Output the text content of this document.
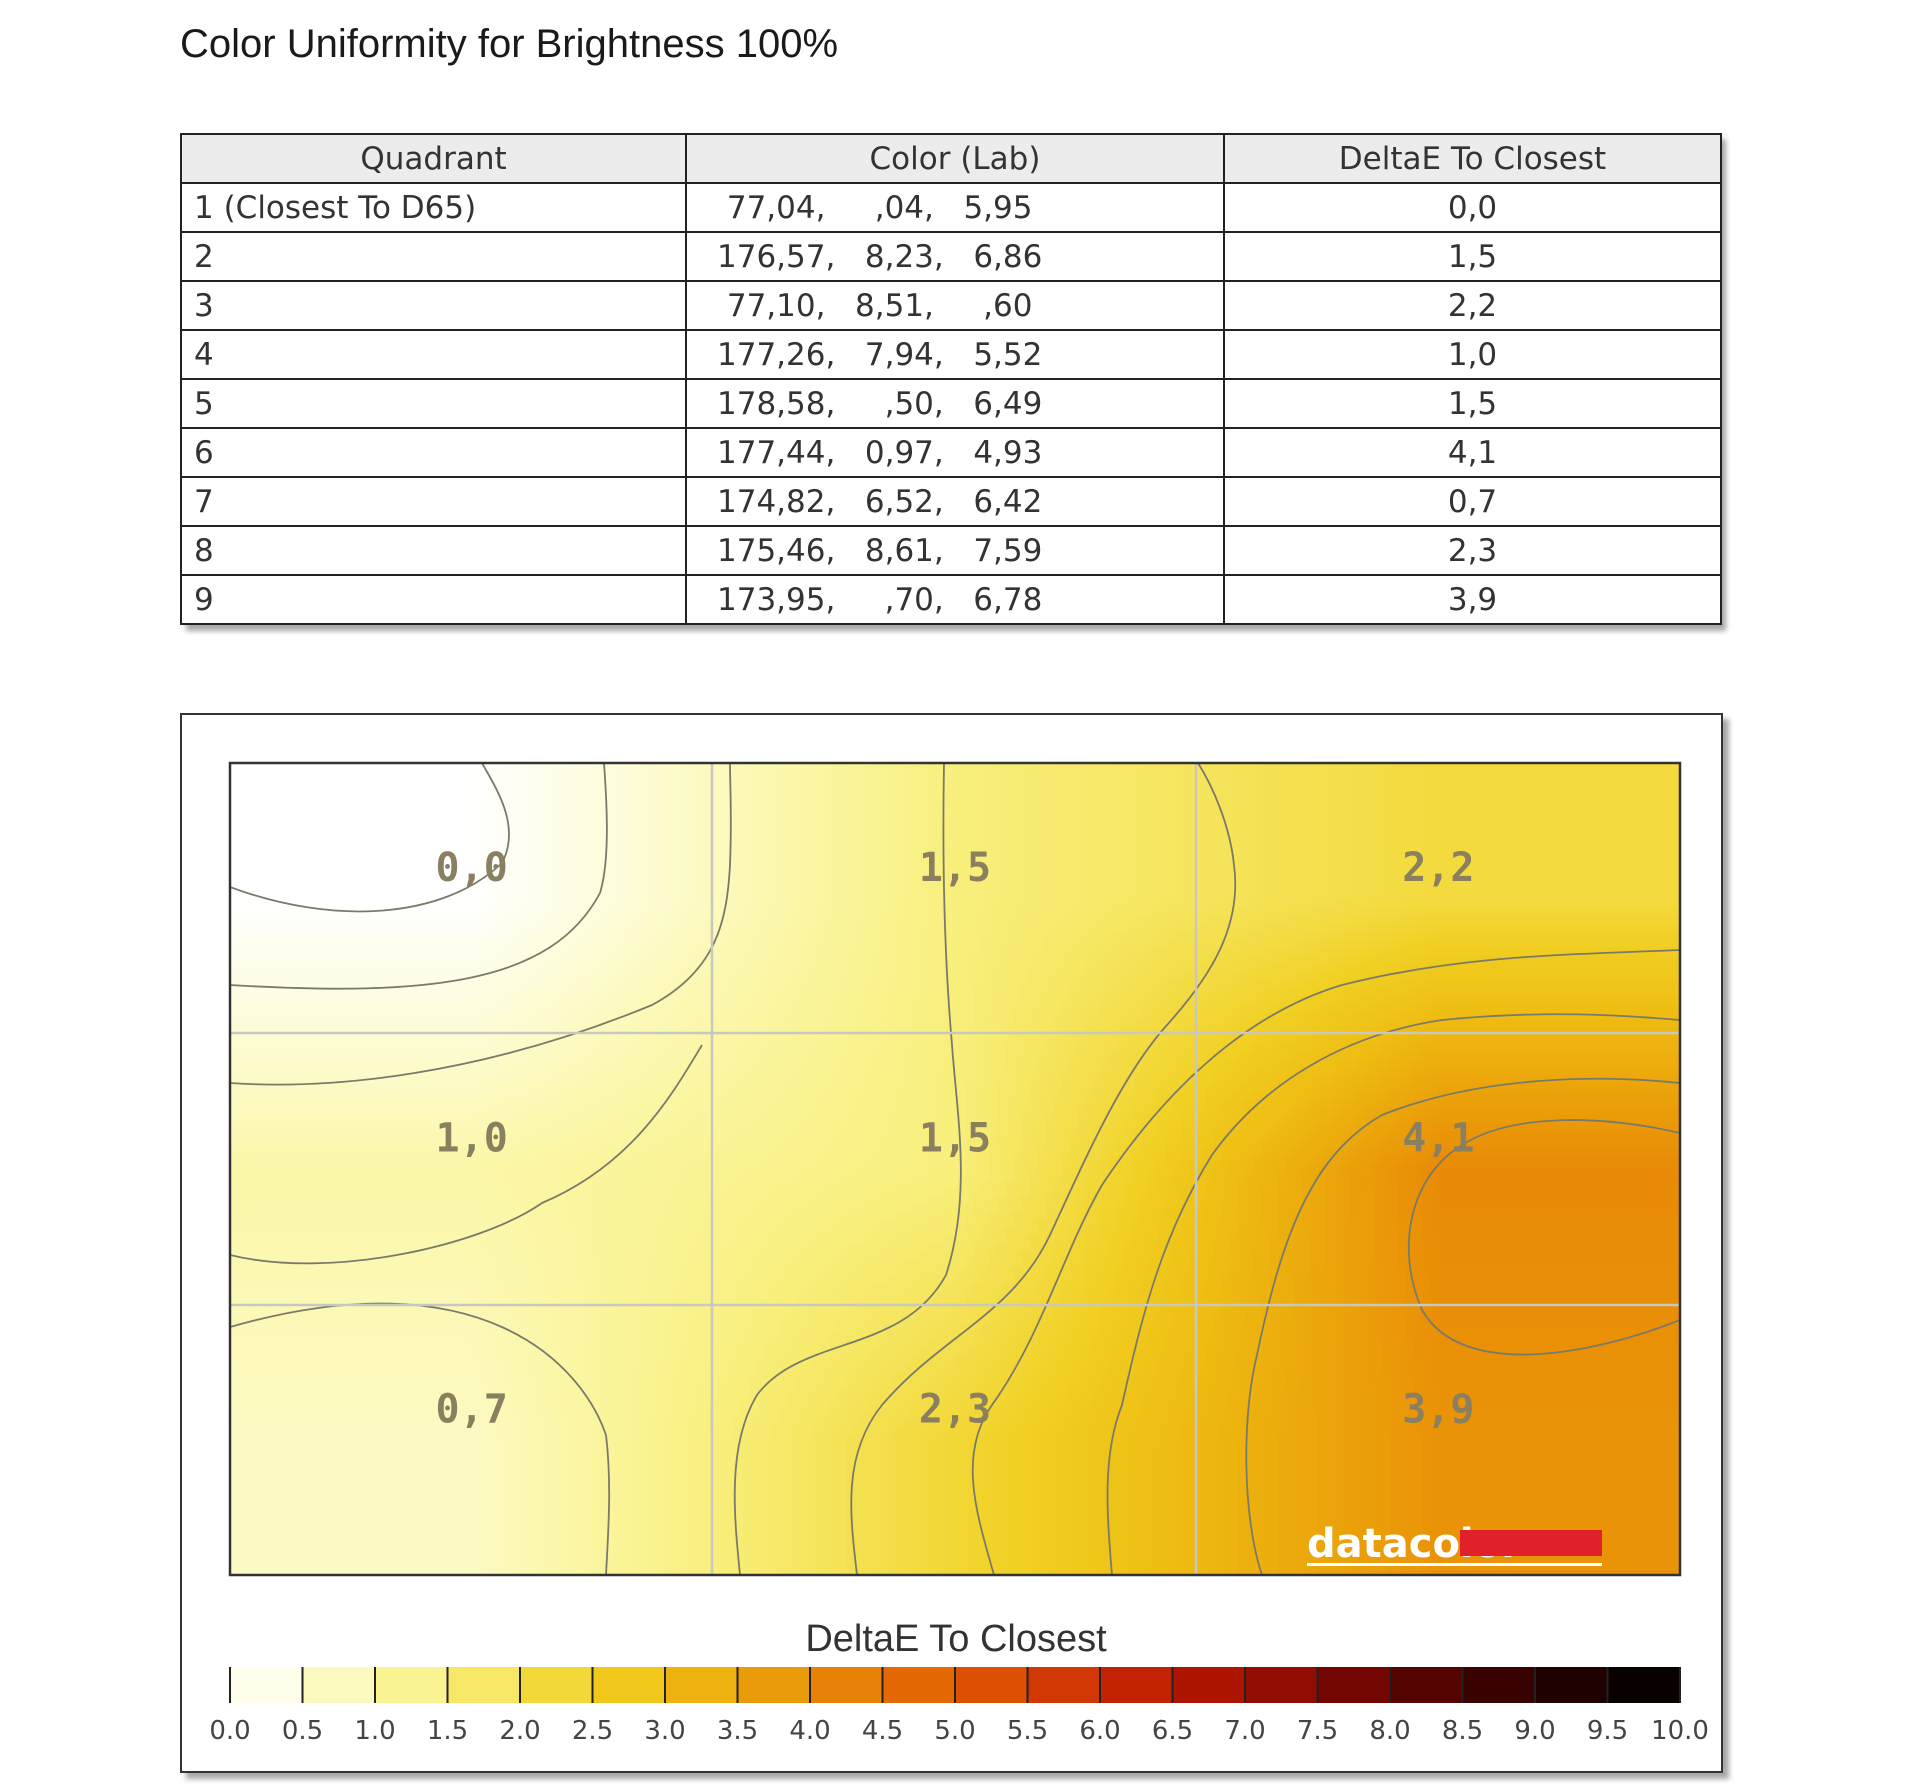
Color Uniformity for Brightness 100%
Quadrant	Color (Lab)	DeltaE To Closest
1 (Closest To D65)	77,04,     ,04,   5,95	0,0
2	176,57,   8,23,   6,86	1,5
3	77,10,   8,51,     ,60	2,2
4	177,26,   7,94,   5,52	1,0
5	178,58,     ,50,   6,49	1,5
6	177,44,   0,97,   4,93	4,1
7	174,82,   6,52,   6,42	0,7
8	175,46,   8,61,   7,59	2,3
9	173,95,     ,70,   6,78	3,9
0,0	1,5	2,2
1,0	1,5	4,1
0,7	2,3	3,9
datacolor
DeltaE To Closest
0.0 0.5 1.0 1.5 2.0 2.5 3.0 3.5 4.0 4.5 5.0 5.5 6.0 6.5 7.0 7.5 8.0 8.5 9.0 9.5 10.0
